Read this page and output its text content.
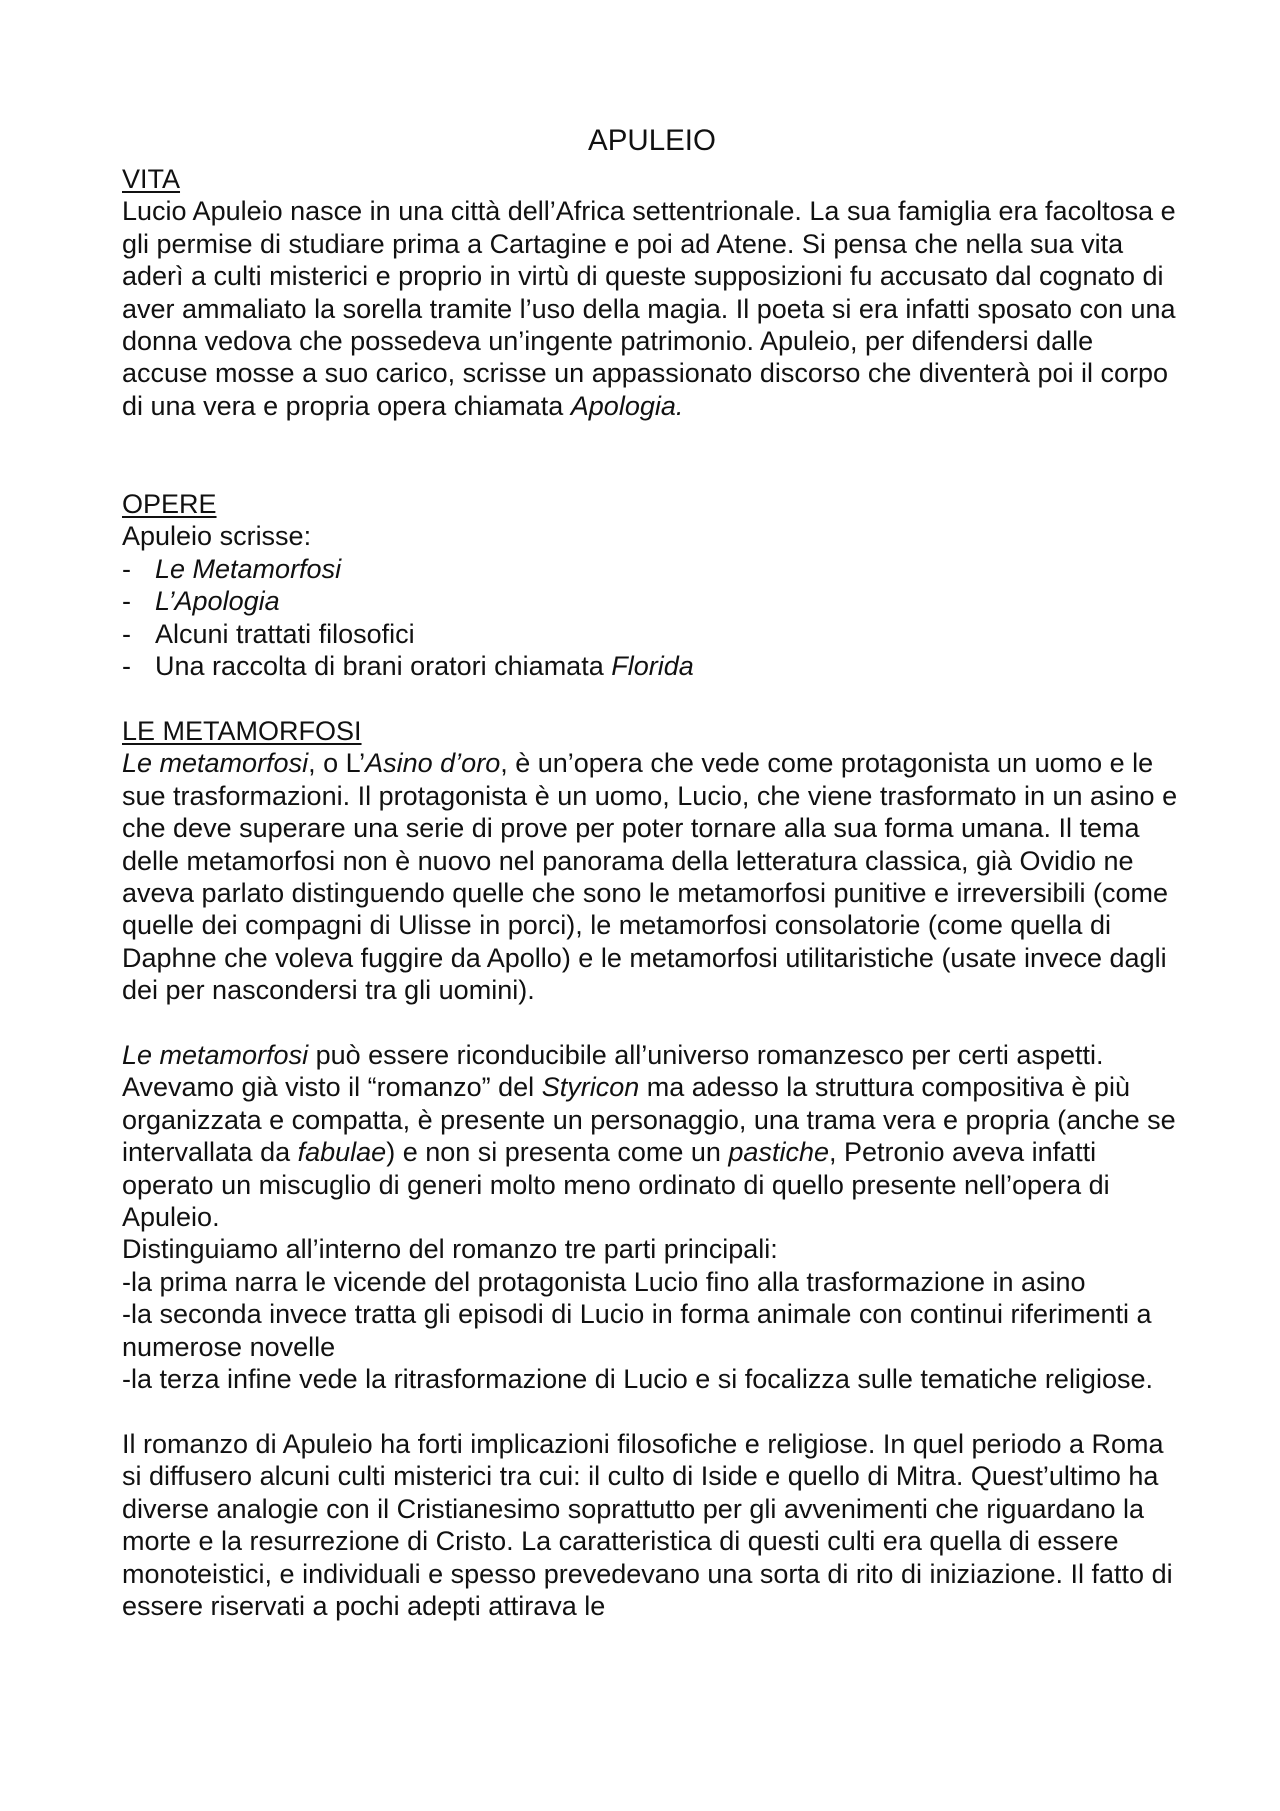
APULEIO
VITA
Lucio Apuleio nasce in una città dell’Africa settentrionale. La sua famiglia era facoltosa e gli permise di studiare prima a Cartagine e poi ad Atene. Si pensa che nella sua vita aderì a culti misterici e proprio in virtù di queste supposizioni fu accusato dal cognato di aver ammaliato la sorella tramite l’uso della magia. Il poeta si era infatti sposato con una donna vedova che possedeva un’ingente patrimonio. Apuleio, per difendersi dalle accuse mosse a suo carico, scrisse un appassionato discorso che diventerà poi il corpo di una vera e propria opera chiamata Apologia.
OPERE
Apuleio scrisse:
- Le Metamorfosi
- L’Apologia
- Alcuni trattati filosofici
- Una raccolta di brani oratori chiamata Florida
LE METAMORFOSI
Le metamorfosi, o L’Asino d’oro, è un’opera che vede come protagonista un uomo e le sue trasformazioni. Il protagonista è un uomo, Lucio, che viene trasformato in un asino e che deve superare una serie di prove per poter tornare alla sua forma umana. Il tema delle metamorfosi non è nuovo nel panorama della letteratura classica, già Ovidio ne aveva parlato distinguendo quelle che sono le metamorfosi punitive e irreversibili (come quelle dei compagni di Ulisse in porci), le metamorfosi consolatorie (come quella di Daphne che voleva fuggire da Apollo) e le metamorfosi utilitaristiche (usate invece dagli dei per nascondersi tra gli uomini).
Le metamorfosi può essere riconducibile all’universo romanzesco per certi aspetti. Avevamo già visto il “romanzo” del Styricon ma adesso la struttura compositiva è più organizzata e compatta, è presente un personaggio, una trama vera e propria (anche se intervallata da fabulae) e non si presenta come un pastiche, Petronio aveva infatti operato un miscuglio di generi molto meno ordinato di quello presente nell’opera di Apuleio.
Distinguiamo all’interno del romanzo tre parti principali:
-la prima narra le vicende del protagonista Lucio fino alla trasformazione in asino
-la seconda invece tratta gli episodi di Lucio in forma animale con continui riferimenti a numerose novelle
-la terza infine vede la ritrasformazione di Lucio e si focalizza sulle tematiche religiose.
Il romanzo di Apuleio ha forti implicazioni filosofiche e religiose. In quel periodo a Roma si diffusero alcuni culti misterici tra cui: il culto di Iside e quello di Mitra. Quest’ultimo ha diverse analogie con il Cristianesimo soprattutto per gli avvenimenti che riguardano la morte e la resurrezione di Cristo. La caratteristica di questi culti era quella di essere monoteistici, e individuali e spesso prevedevano una sorta di rito di iniziazione. Il fatto di essere riservati a pochi adepti attirava le
